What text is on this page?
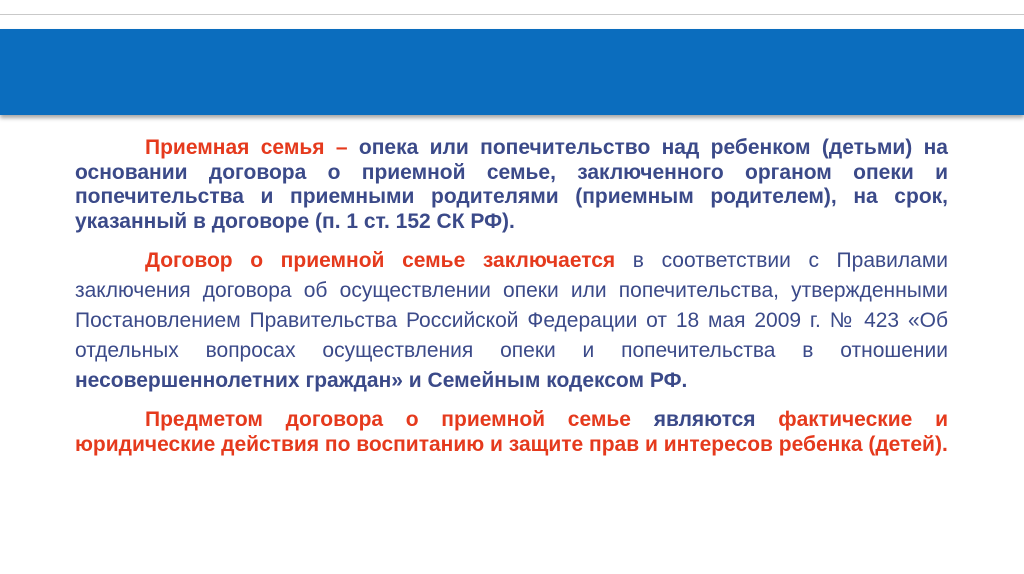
Приемная семья – опека или попечительство над ребенком (детьми) на основании договора о приемной семье, заключенного органом опеки и попечительства и приемными родителями (приемным родителем), на срок, указанный в договоре (п. 1 ст. 152 СК РФ).

Договор о приемной семье заключается в соответствии с Правилами заключения договора об осуществлении опеки или попечительства, утвержденными Постановлением Правительства Российской Федерации от 18 мая 2009 г. № 423 «Об отдельных вопросах осуществления опеки и попечительства в отношении несовершеннолетних граждан» и Семейным кодексом РФ.

Предметом договора о приемной семье являются фактические и юридические действия по воспитанию и защите прав и интересов ребенка (детей).
